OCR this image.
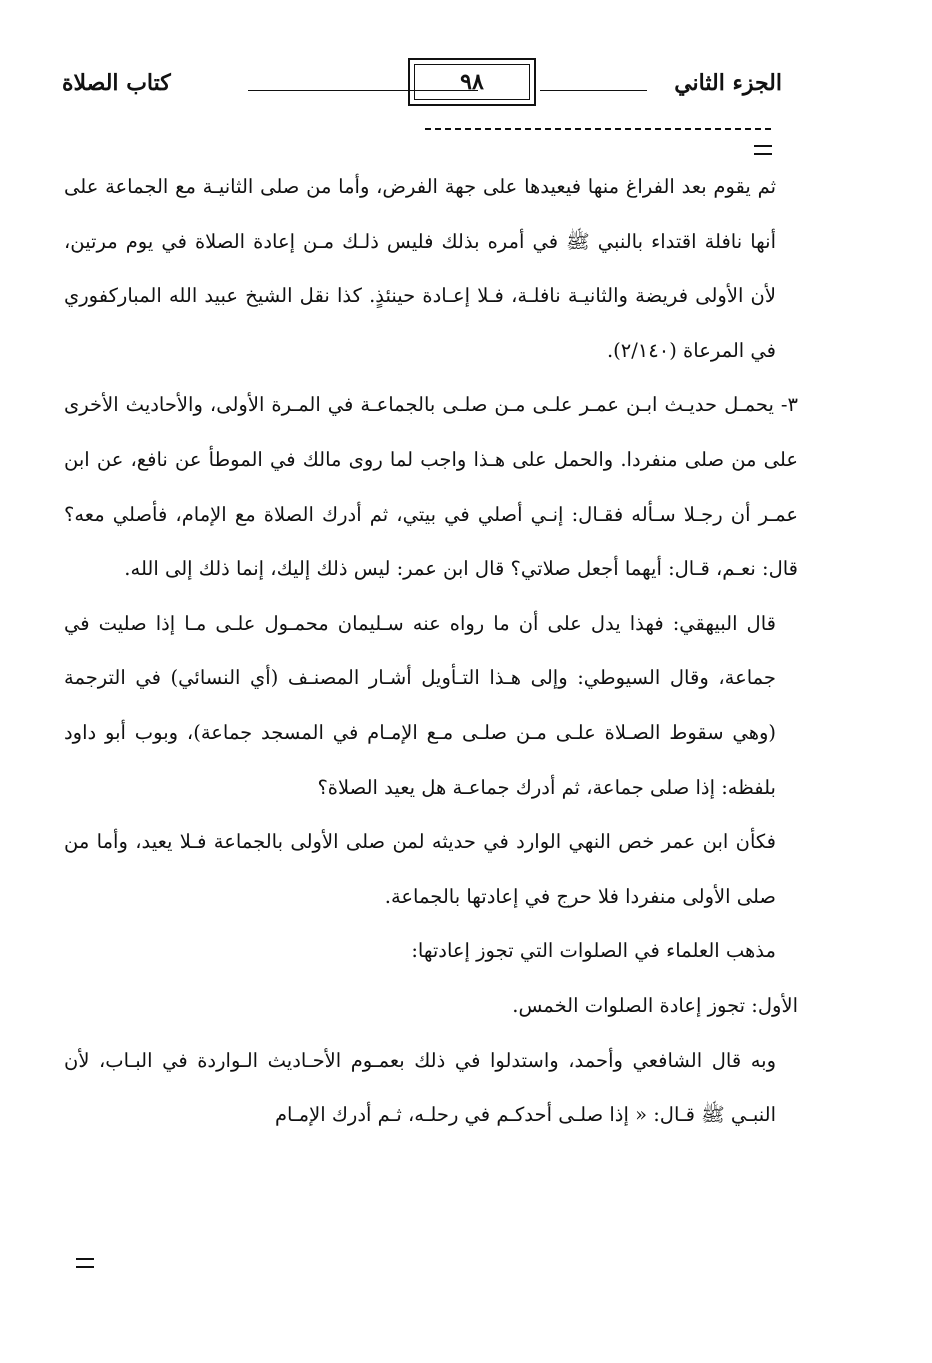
الجزء الثاني
٩٨
كتاب الصلاة

ثم يقوم بعد الفراغ منها فيعيدها على جهة الفرض، وأما من صلى الثانيـة مع الجماعة على أنها نافلة اقتداء بالنبي ﷺ في أمره بذلك فليس ذلـك مـن إعادة الصلاة في يوم مرتين، لأن الأولى فريضة والثانيـة نافلـة، فـلا إعـادة حينئذٍ. كذا نقل الشيخ عبيد الله المباركفوري في المرعاة (٢/١٤٠).

٣- يحمـل حديـث ابـن عمـر علـى مـن صلـى بالجماعـة في المـرة الأولى، والأحاديث الأخرى على من صلى منفردا. والحمل على هـذا واجب لما روى مالك في الموطأ عن نافع، عن ابن عمـر أن رجـلا سـأله فقـال: إنـي أصلي في بيتي، ثم أدرك الصلاة مع الإمام، فأصلي معه؟ قال: نعـم، قـال: أيهما أجعل صلاتي؟ قال ابن عمر: ليس ذلك إليك، إنما ذلك إلى الله.

قال البيهقي: فهذا يدل على أن ما رواه عنه سـليمان محمـول علـى مـا إذا صليت في جماعة، وقال السيوطي: وإلى هـذا التـأويل أشـار المصنـف (أي النسائي) في الترجمة (وهي سقوط الصـلاة علـى مـن صلـى مـع الإمـام في المسجد جماعة)، وبوب أبو داود بلفظه: إذا صلى جماعة، ثم أدرك جماعـة هل يعيد الصلاة؟

فكأن ابن عمر خص النهي الوارد في حديثه لمن صلى الأولى بالجماعة فـلا يعيد، وأما من صلى الأولى منفردا فلا حرج في إعادتها بالجماعة.

مذهب العلماء في الصلوات التي تجوز إعادتها:

الأول: تجوز إعادة الصلوات الخمس.

وبه قال الشافعي وأحمد، واستدلوا في ذلك بعمـوم الأحـاديث الـواردة في البـاب، لأن النبـي ﷺ قـال: « إذا صلـى أحدكـم في رحلـه، ثـم أدرك الإمـام
